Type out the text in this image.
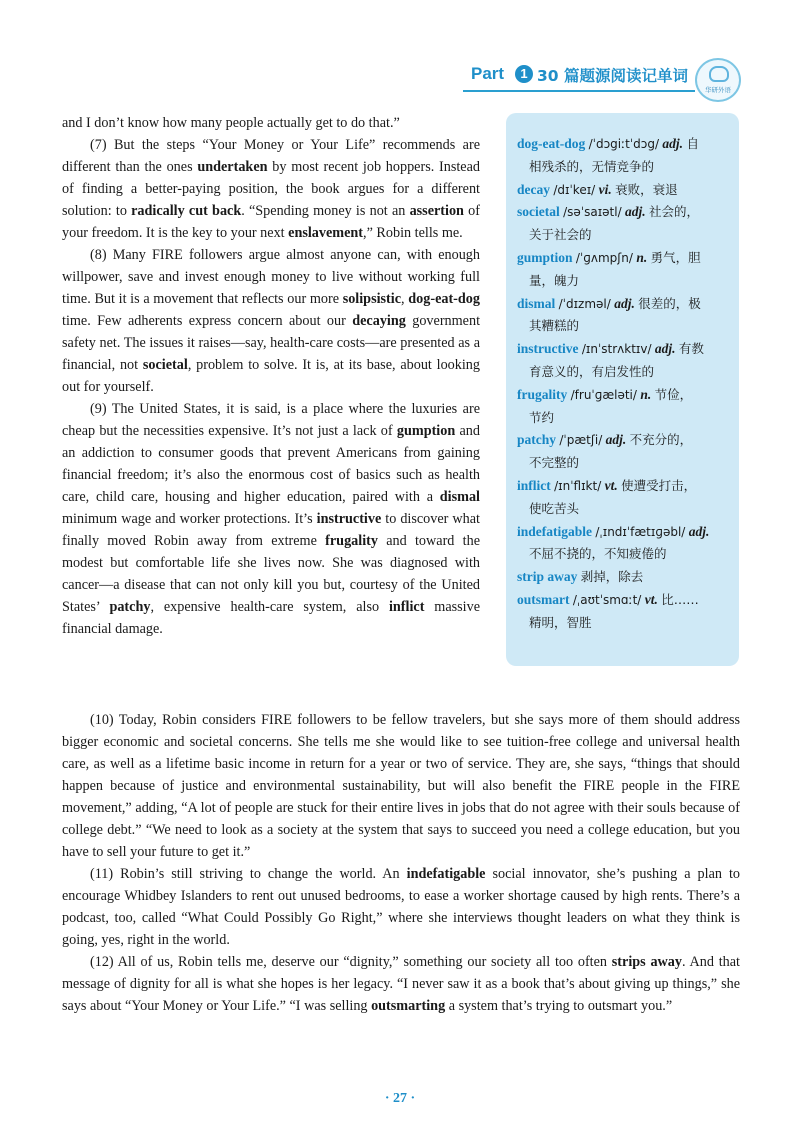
Part	1 30 篇题源阅读记单词
华研外语

and I don’t know how many people actually get to do that.”

(7) But the steps “Your Money or Your Life” recommends are different than the ones undertaken by most recent job hoppers. Instead of finding a better-paying position, the book argues for a different solution: to radically cut back. “Spending money is not an assertion of your freedom. It is the key to your next enslavement,” Robin tells me.

(8) Many FIRE followers argue almost anyone can, with enough willpower, save and invest enough money to live without working full time. But it is a movement that reflects our more solipsistic, dog-eat-dog time. Few adherents express concern about our decaying government safety net. The issues it raises—say, health-care costs—are presented as a financial, not societal, problem to solve. It is, at its base, about looking out for yourself.

(9) The United States, it is said, is a place where the luxuries are cheap but the necessities expensive. It’s not just a lack of gumption and an addiction to consumer goods that prevent Americans from gaining financial freedom; it’s also the enormous cost of basics such as health care, child care, housing and higher education, paired with a dismal minimum wage and worker protections. It’s instructive to discover what finally moved Robin away from extreme frugality and toward the modest but comfortable life she lives now. She was diagnosed with cancer—a disease that can not only kill you but, courtesy of the United States’ patchy, expensive health-care system, also inflict massive financial damage.

dog-eat-dog /ˈdɔgiːtˈdɔg/ adj. 自
相残杀的，无情竞争的
decay /dɪˈkeɪ/ vi. 衰败，衰退
societal /səˈsaɪətl/ adj. 社会的，
关于社会的
gumption /ˈɡʌmpʃn/ n. 勇气，胆
量，魄力
dismal /ˈdɪzməl/ adj. 很差的，极
其糟糕的
instructive /ɪnˈstrʌktɪv/ adj. 有教
育意义的，有启发性的
frugality /fruˈɡæləti/ n. 节俭，
节约
patchy /ˈpætʃi/ adj. 不充分的，
不完整的
inflict /ɪnˈflɪkt/ vt. 使遭受打击，
使吃苦头
indefatigable /ˌɪndɪˈfætɪɡəbl/ adj.
不屈不挠的，不知疲倦的
strip away 剥掉，除去
outsmart /ˌaʊtˈsmɑːt/ vt. 比……
精明，智胜

(10) Today, Robin considers FIRE followers to be fellow travelers, but she says more of them should address bigger economic and societal concerns. She tells me she would like to see tuition-free college and universal health care, as well as a lifetime basic income in return for a year or two of service. They are, she says, “things that should happen because of justice and environmental sustainability, but will also benefit the FIRE people in the FIRE movement,” adding, “A lot of people are stuck for their entire lives in jobs that do not agree with their souls because of college debt.” “We need to look as a society at the system that says to succeed you need a college education, but you have to sell your future to get it.”

(11) Robin’s still striving to change the world. An indefatigable social innovator, she’s pushing a plan to encourage Whidbey Islanders to rent out unused bedrooms, to ease a worker shortage caused by high rents. There’s a podcast, too, called “What Could Possibly Go Right,” where she interviews thought leaders on what they think is going, yes, right in the world.

(12) All of us, Robin tells me, deserve our “dignity,” something our society all too often strips away. And that message of dignity for all is what she hopes is her legacy. “I never saw it as a book that’s about giving up things,” she says about “Your Money or Your Life.” “I was selling outsmarting a system that’s trying to outsmart you.”

· 27 ·
